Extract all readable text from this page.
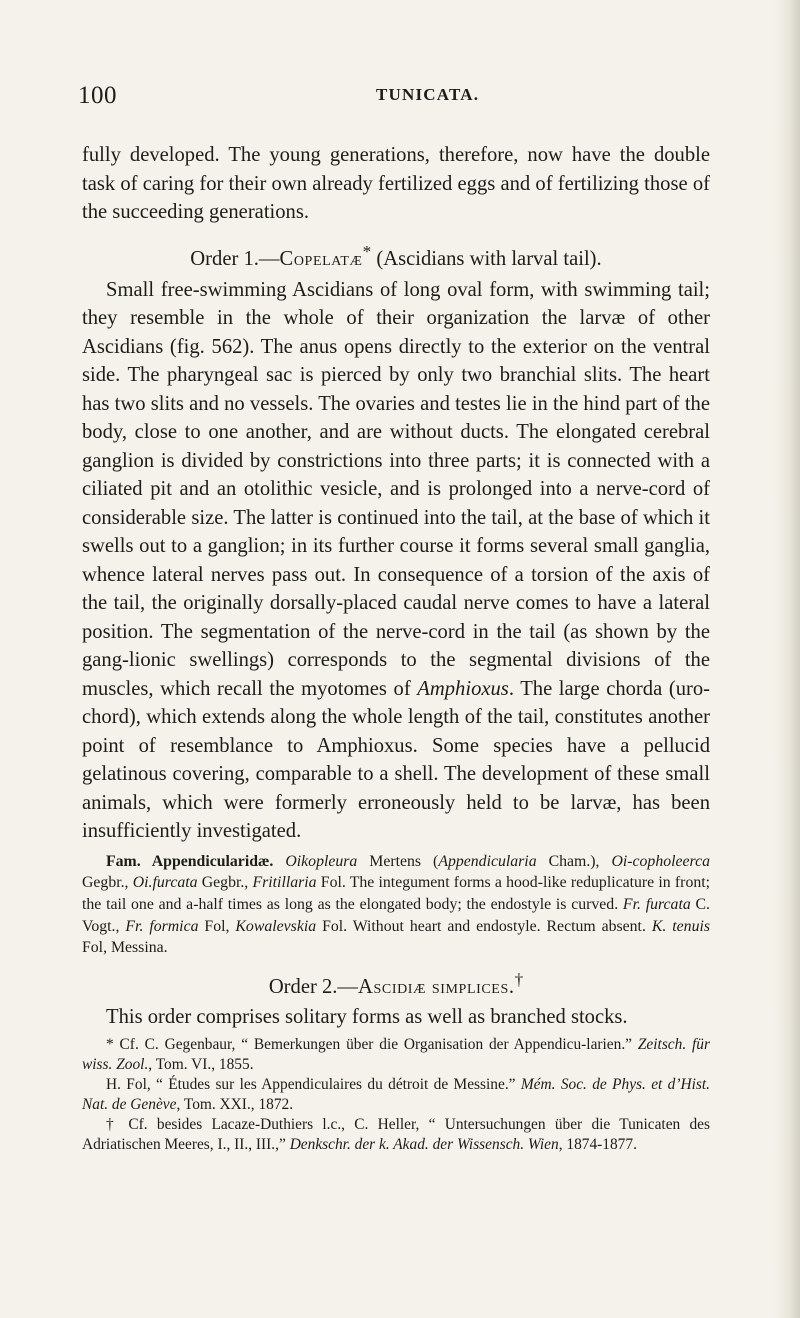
100	TUNICATA.

fully developed. The young generations, therefore, now have the double task of caring for their own already fertilized eggs and of fertilizing those of the succeeding generations.

Order 1.—Copelatæ* (Ascidians with larval tail).

Small free-swimming Ascidians of long oval form, with swimming tail; they resemble in the whole of their organization the larvæ of other Ascidians (fig. 562). The anus opens directly to the exterior on the ventral side. The pharyngeal sac is pierced by only two branchial slits. The heart has two slits and no vessels. The ovaries and testes lie in the hind part of the body, close to one another, and are without ducts. The elongated cerebral ganglion is divided by constrictions into three parts; it is connected with a ciliated pit and an otolithic vesicle, and is prolonged into a nerve-cord of considerable size. The latter is continued into the tail, at the base of which it swells out to a ganglion; in its further course it forms several small ganglia, whence lateral nerves pass out. In consequence of a torsion of the axis of the tail, the originally dorsally-placed caudal nerve comes to have a lateral position. The segmentation of the nerve-cord in the tail (as shown by the gang-lionic swellings) corresponds to the segmental divisions of the muscles, which recall the myotomes of Amphioxus. The large chorda (uro-chord), which extends along the whole length of the tail, constitutes another point of resemblance to Amphioxus. Some species have a pellucid gelatinous covering, comparable to a shell. The development of these small animals, which were formerly erroneously held to be larvæ, has been insufficiently investigated.

Fam. Appendicularidæ. Oikopleura Mertens (Appendicularia Cham.), Oi-copholeerca Gegbr., Oi.furcata Gegbr., Fritillaria Fol. The integument forms a hood-like reduplicature in front; the tail one and a-half times as long as the elongated body; the endostyle is curved. Fr. furcata C. Vogt., Fr. formica Fol, Kowalevskia Fol. Without heart and endostyle. Rectum absent. K. tenuis Fol, Messina.

Order 2.—Ascidiæ simplices.†

This order comprises solitary forms as well as branched stocks.

* Cf. C. Gegenbaur, “ Bemerkungen über die Organisation der Appendicu-larien.” Zeitsch. für wiss. Zool., Tom. VI., 1855.

H. Fol, “ Études sur les Appendiculaires du détroit de Messine.” Mém. Soc. de Phys. et d’Hist. Nat. de Genève, Tom. XXI., 1872.

† Cf. besides Lacaze-Duthiers l.c., C. Heller, “ Untersuchungen über die Tunicaten des Adriatischen Meeres, I., II., III.,” Denkschr. der k. Akad. der Wissensch. Wien, 1874-1877.
